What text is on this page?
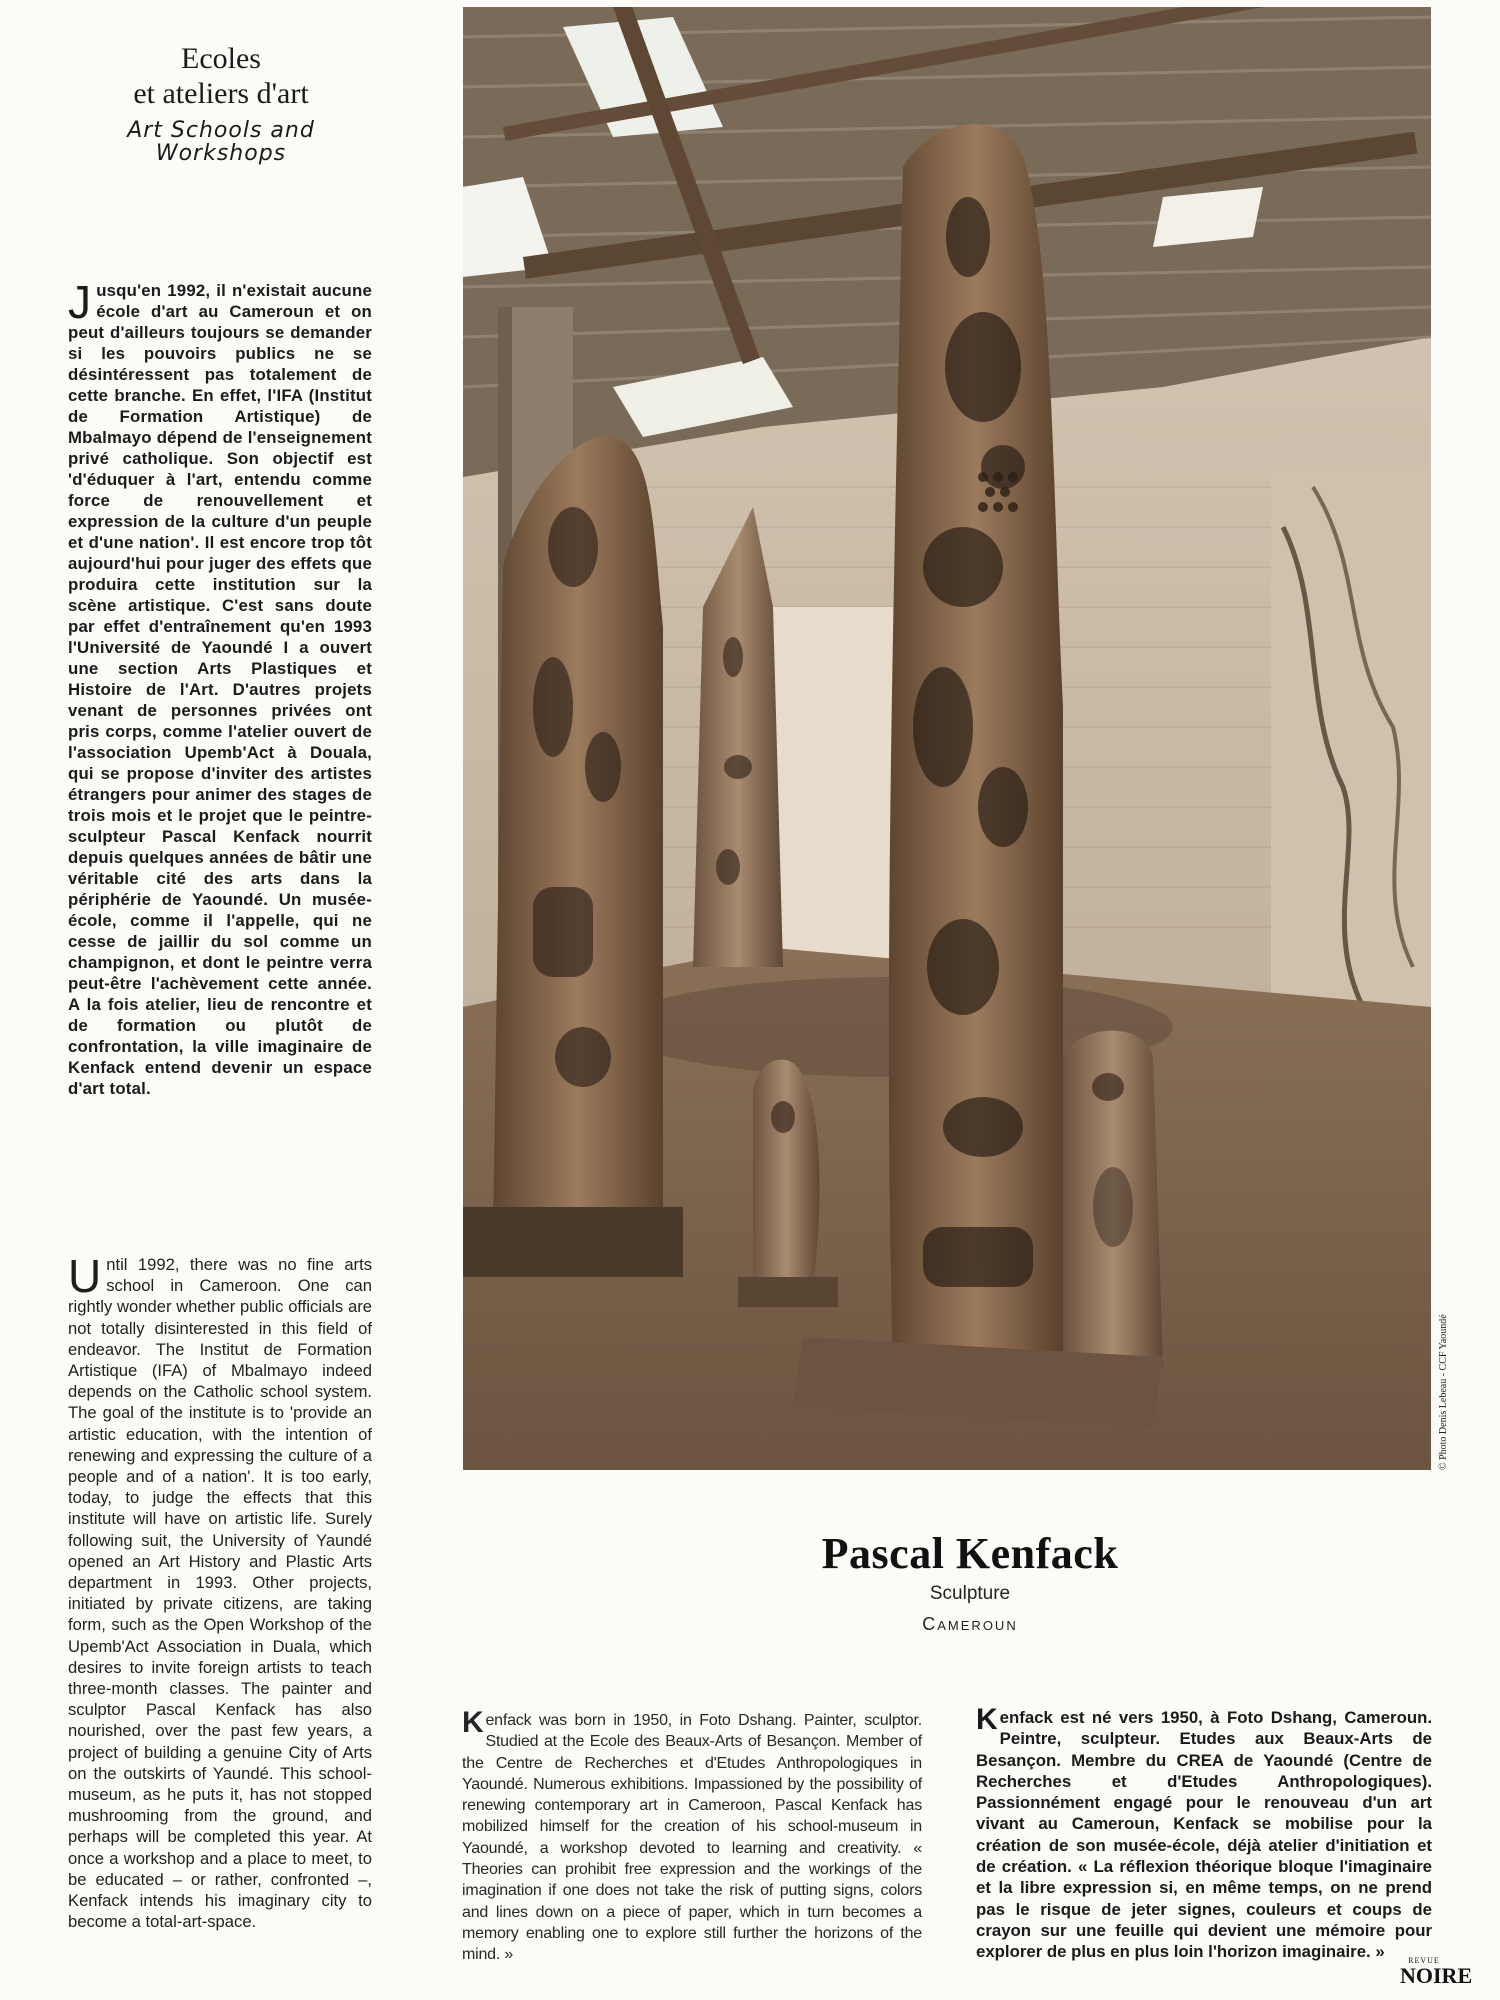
Ecoles
et ateliers d'art
Art Schools and Workshops
Jusqu'en 1992, il n'existait aucune école d'art au Cameroun et on peut d'ailleurs toujours se demander si les pouvoirs publics ne se désintéressent pas totalement de cette branche. En effet, l'IFA (Institut de Formation Artistique) de Mbalmayo dépend de l'enseignement privé catholique. Son objectif est 'd'éduquer à l'art, entendu comme force de renouvellement et expression de la culture d'un peuple et d'une nation'. Il est encore trop tôt aujourd'hui pour juger des effets que produira cette institution sur la scène artistique. C'est sans doute par effet d'entraînement qu'en 1993 l'Université de Yaoundé I a ouvert une section Arts Plastiques et Histoire de l'Art. D'autres projets venant de personnes privées ont pris corps, comme l'atelier ouvert de l'association Upemb'Act à Douala, qui se propose d'inviter des artistes étrangers pour animer des stages de trois mois et le projet que le peintre-sculpteur Pascal Kenfack nourrit depuis quelques années de bâtir une véritable cité des arts dans la périphérie de Yaoundé. Un musée-école, comme il l'appelle, qui ne cesse de jaillir du sol comme un champignon, et dont le peintre verra peut-être l'achèvement cette année. A la fois atelier, lieu de rencontre et de formation ou plutôt de confrontation, la ville imaginaire de Kenfack entend devenir un espace d'art total.
Until 1992, there was no fine arts school in Cameroon. One can rightly wonder whether public officials are not totally disinterested in this field of endeavor. The Institut de Formation Artistique (IFA) of Mbalmayo indeed depends on the Catholic school system. The goal of the institute is to 'provide an artistic education, with the intention of renewing and expressing the culture of a people and of a nation'. It is too early, today, to judge the effects that this institute will have on artistic life. Surely following suit, the University of Yaundé opened an Art History and Plastic Arts department in 1993. Other projects, initiated by private citizens, are taking form, such as the Open Workshop of the Upemb'Act Association in Duala, which desires to invite foreign artists to teach three-month classes. The painter and sculptor Pascal Kenfack has also nourished, over the past few years, a project of building a genuine City of Arts on the outskirts of Yaundé. This school-museum, as he puts it, has not stopped mushrooming from the ground, and perhaps will be completed this year. At once a workshop and a place to meet, to be educated – or rather, confronted –, Kenfack intends his imaginary city to become a total-art-space.
© Photo Denis Lebeau - CCF Yaoundé
Pascal Kenfack
Sculpture
Cameroun
Kenfack was born in 1950, in Foto Dshang. Painter, sculptor. Studied at the Ecole des Beaux-Arts of Besançon. Member of the Centre de Recherches et d'Etudes Anthropologiques in Yaoundé. Numerous exhibitions. Impassioned by the possibility of renewing contemporary art in Cameroon, Pascal Kenfack has mobilized himself for the creation of his school-museum in Yaoundé, a workshop devoted to learning and creativity. « Theories can prohibit free expression and the workings of the imagination if one does not take the risk of putting signs, colors and lines down on a piece of paper, which in turn becomes a memory enabling one to explore still further the horizons of the mind. »
Kenfack est né vers 1950, à Foto Dshang, Cameroun. Peintre, sculpteur. Etudes aux Beaux-Arts de Besançon. Membre du CREA de Yaoundé (Centre de Recherches et d'Etudes Anthropologiques). Passionnément engagé pour le renouveau d'un art vivant au Cameroun, Kenfack se mobilise pour la création de son musée-école, déjà atelier d'initiation et de création. « La réflexion théorique bloque l'imaginaire et la libre expression si, en même temps, on ne prend pas le risque de jeter signes, couleurs et coups de crayon sur une feuille qui devient une mémoire pour explorer de plus en plus loin l'horizon imaginaire. »	REVUE
NOIRE
